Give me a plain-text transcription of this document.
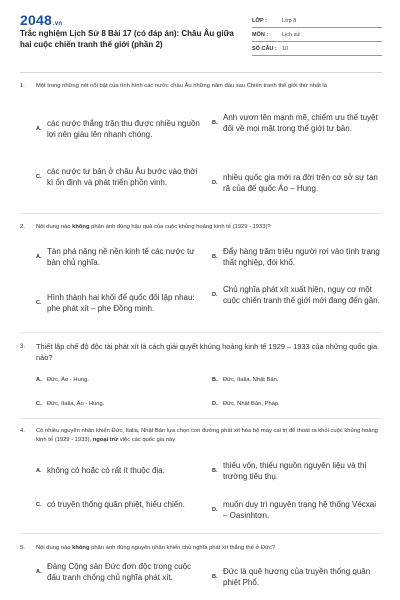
2048.vn
Trắc nghiệm Lịch Sử 8 Bài 17 (có đáp án): Châu Âu giữa hai cuộc chiến tranh thế giới (phần 2)
LỚP :	Lớp 8
MÔN :	Lịch sử
SỐ CÂU : 10
1.	Một trong những nét nổi bật của tình hình các nước châu Âu những năm đầu sau Chiến tranh thế giới thứ nhất là
A.
các nước thắng trận thu được nhiều nguồn lợi nên giàu lên nhanh chóng.
B.
Anh vươn lên mạnh mẽ, chiếm ưu thế tuyệt đối về mọi mặt trong thế giới tư bản.
C.
các nước tư bản ở châu Âu bước vào thời kì ổn định và phát triển phồn vinh.	D.
nhiều quốc gia mới ra đời trên cơ sở sự tan rã của đế quốc Áo – Hung.
2.	Nội dung nào không phản ánh đúng hậu quả của cuộc khủng hoảng kinh tế (1929 - 1933)?
A.
Tàn phá nặng nề nền kinh tế các nước tư bản chủ nghĩa.
B.
Đẩy hàng trăm triệu người rơi vào tình trạng thất nghiệp, đói khổ.
C.
Hình thành hai khối đế quốc đối lập nhau: phe phát xít – phe Đồng minh.
D.
Chủ nghĩa phát xít xuất hiện, nguy cơ một cuộc chiến tranh thế giới mới đang đến gần.
3.	Thiết lập chế độ độc tài phát xít là cách giải quyết khủng hoảng kinh tế 1929 – 1933 của những quốc gia nào?
A. Đức, Áo - Hung.	B. Đức, Italia, Nhật Bản.
C. Đức, Italia, Áo - Hung.	D. Đức, Nhật Bản, Pháp.
4.	Có nhiều nguyên nhân khiến Đức, Italia, Nhật Bản lựa chọn con đường phát xít hóa bộ máy cai trị để thoát ra khỏi cuộc khủng hoảng kinh tế (1929 - 1933), ngoại trừ việc các quốc gia này
A. không có hoặc có rất ít thuộc địa.	B.
thiếu vốn, thiếu nguồn nguyên liệu và thị trường tiêu thụ.
C. có truyền thống quân phiệt, hiếu chiến.
D.
muốn duy trì nguyên trạng hệ thống Vécxai – Oasinhtơn.
5.	Nội dung nào không phản ánh đúng nguyên nhân khiến chủ nghĩa phát xít thắng thế ở Đức?
A.
Đảng Cộng sản Đức đơn độc trong cuộc đấu tranh chống chủ nghĩa phát xít.	B.
Đức là quê hương của truyền thống quân phiệt Phổ.
